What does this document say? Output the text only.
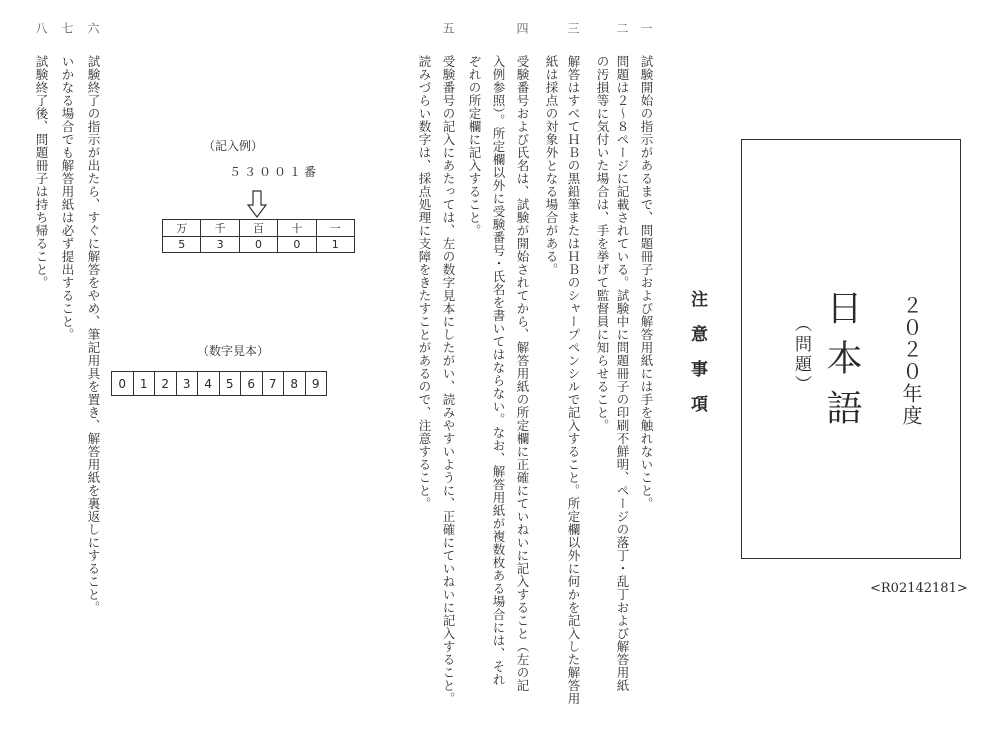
２０２０年度
日本語
（問題）
注意事項
<R02142181>
一
試験開始の指示があるまで、問題冊子および解答用紙には手を触れないこと。
二
問題は２～８ページに記載されている。試験中に問題冊子の印刷不鮮明、ページの落丁・乱丁および解答用紙
の汚損等に気付いた場合は、手を挙げて監督員に知らせること。
三
解答はすべてＨＢの黒鉛筆またはＨＢのシャープペンシルで記入すること。所定欄以外に何かを記入した解答用
紙は採点の対象外となる場合がある。
四
受験番号および氏名は、試験が開始されてから、解答用紙の所定欄に正確にていねいに記入すること（左の記
入例参照）。所定欄以外に受験番号・氏名を書いてはならない。なお、解答用紙が複数枚ある場合には、それ
ぞれの所定欄に記入すること。
五
受験番号の記入にあたっては、左の数字見本にしたがい、読みやすいように、正確にていねいに記入すること。
読みづらい数字は、採点処理に支障をきたすことがあるので、注意すること。
六
試験終了の指示が出たら、すぐに解答をやめ、筆記用具を置き、解答用紙を裏返しにすること。
七
いかなる場合でも解答用紙は必ず提出すること。
八
試験終了後、問題冊子は持ち帰ること。	（記入例）
５３００１番
万	千	百	十	一
5	3	0	0	1
（数字見本）
0	1	2	3	4	5	6	7	8	9
